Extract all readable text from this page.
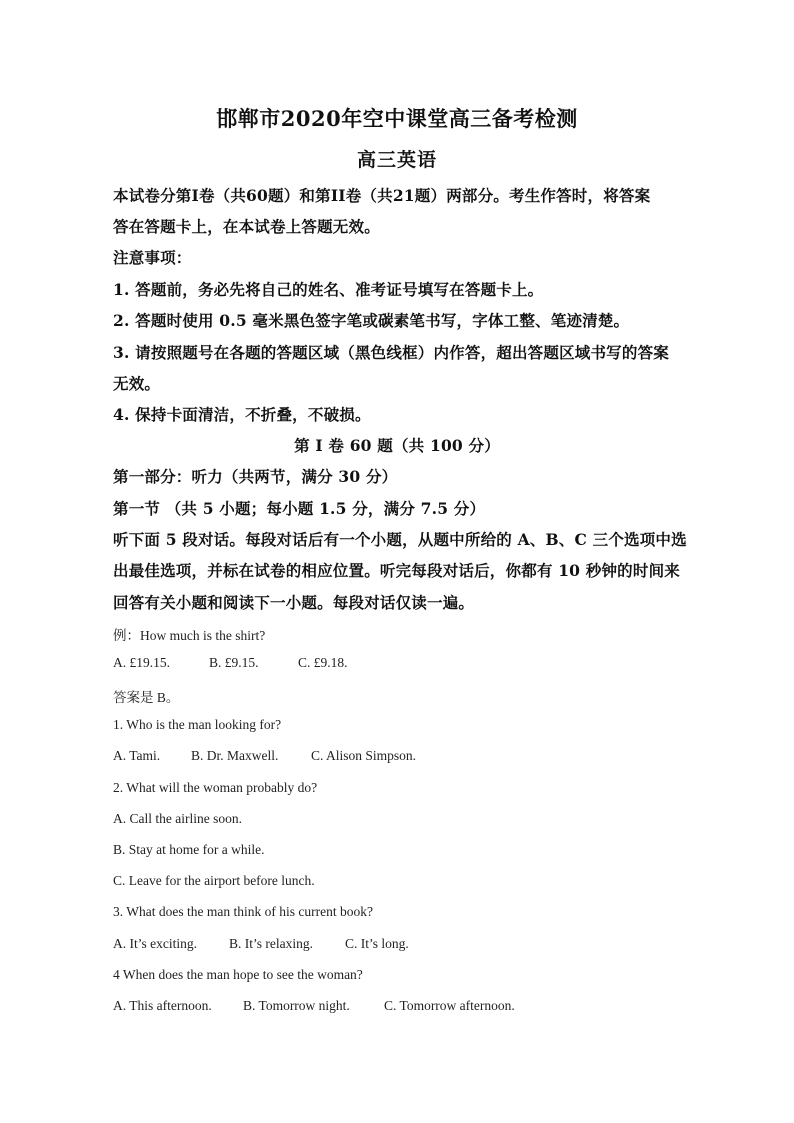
邯郸市2020年空中课堂高三备考检测
高三英语
本试卷分第I卷（共60题）和第II卷（共21题）两部分。考生作答时，将答案
答在答题卡上，在本试卷上答题无效。
注意事项：
1. 答题前，务必先将自己的姓名、准考证号填写在答题卡上。
2. 答题时使用 0.5 毫米黑色签字笔或碳素笔书写，字体工整、笔迹清楚。
3. 请按照题号在各题的答题区域（黑色线框）内作答，超出答题区域书写的答案
无效。
4. 保持卡面清洁，不折叠，不破损。
第 I 卷 60 题（共 100 分）
第一部分：听力（共两节，满分 30 分）
第一节 （共 5 小题；每小题 1.5 分，满分 7.5 分）
听下面 5 段对话。每段对话后有一个小题，从题中所给的 A、B、C 三个选项中选
出最佳选项，并标在试卷的相应位置。听完每段对话后，你都有 10 秒钟的时间来
回答有关小题和阅读下一小题。每段对话仅读一遍。
例：How much is the shirt?
A. £19.15.	B. £9.15.	C. £9.18.
答案是 B。
1. Who is the man looking for?
A. Tami. B. Dr. Maxwell. C. Alison Simpson.
2. What will the woman probably do?
A. Call the airline soon.
B. Stay at home for a while.
C. Leave for the airport before lunch.
3. What does the man think of his current book?
A. It’s exciting. B. It’s relaxing. C. It’s long.
4 When does the man hope to see the woman?
A. This afternoon. B. Tomorrow night.	C. Tomorrow afternoon.
